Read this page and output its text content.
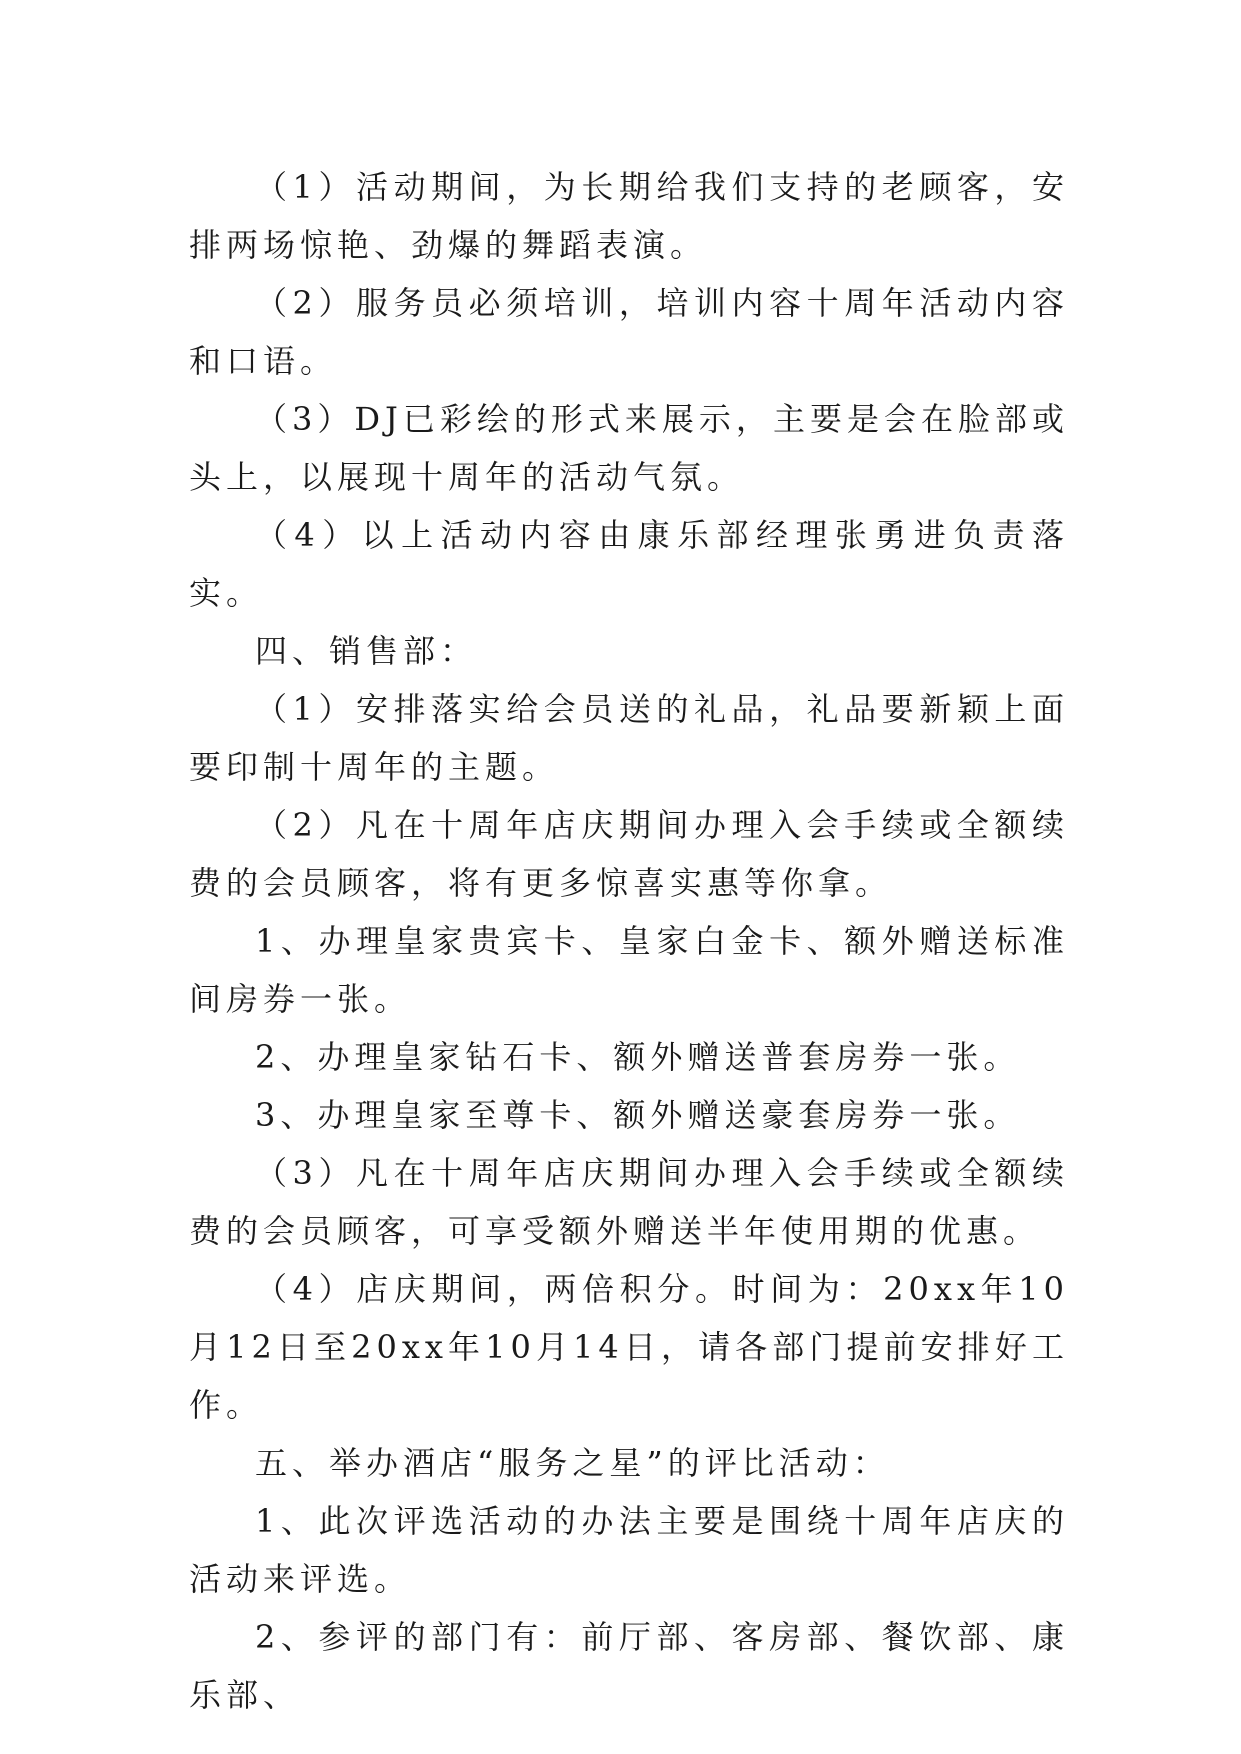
（1）活动期间，为长期给我们支持的老顾客，安排两场惊艳、劲爆的舞蹈表演。

（2）服务员必须培训，培训内容十周年活动内容和口语。

（3）DJ已彩绘的形式来展示，主要是会在脸部或头上，以展现十周年的活动气氛。

（4）以上活动内容由康乐部经理张勇进负责落实。

四、销售部：

（1）安排落实给会员送的礼品，礼品要新颖上面要印制十周年的主题。

（2）凡在十周年店庆期间办理入会手续或全额续费的会员顾客，将有更多惊喜实惠等你拿。

1、办理皇家贵宾卡、皇家白金卡、额外赠送标准间房券一张。

2、办理皇家钻石卡、额外赠送普套房券一张。

3、办理皇家至尊卡、额外赠送豪套房券一张。

（3）凡在十周年店庆期间办理入会手续或全额续费的会员顾客，可享受额外赠送半年使用期的优惠。

（4）店庆期间，两倍积分。时间为：20xx年10月12日至20xx年10月14日，请各部门提前安排好工作。

五、举办酒店“服务之星”的评比活动：

1、此次评选活动的办法主要是围绕十周年店庆的活动来评选。

2、参评的部门有：前厅部、客房部、餐饮部、康乐部、
